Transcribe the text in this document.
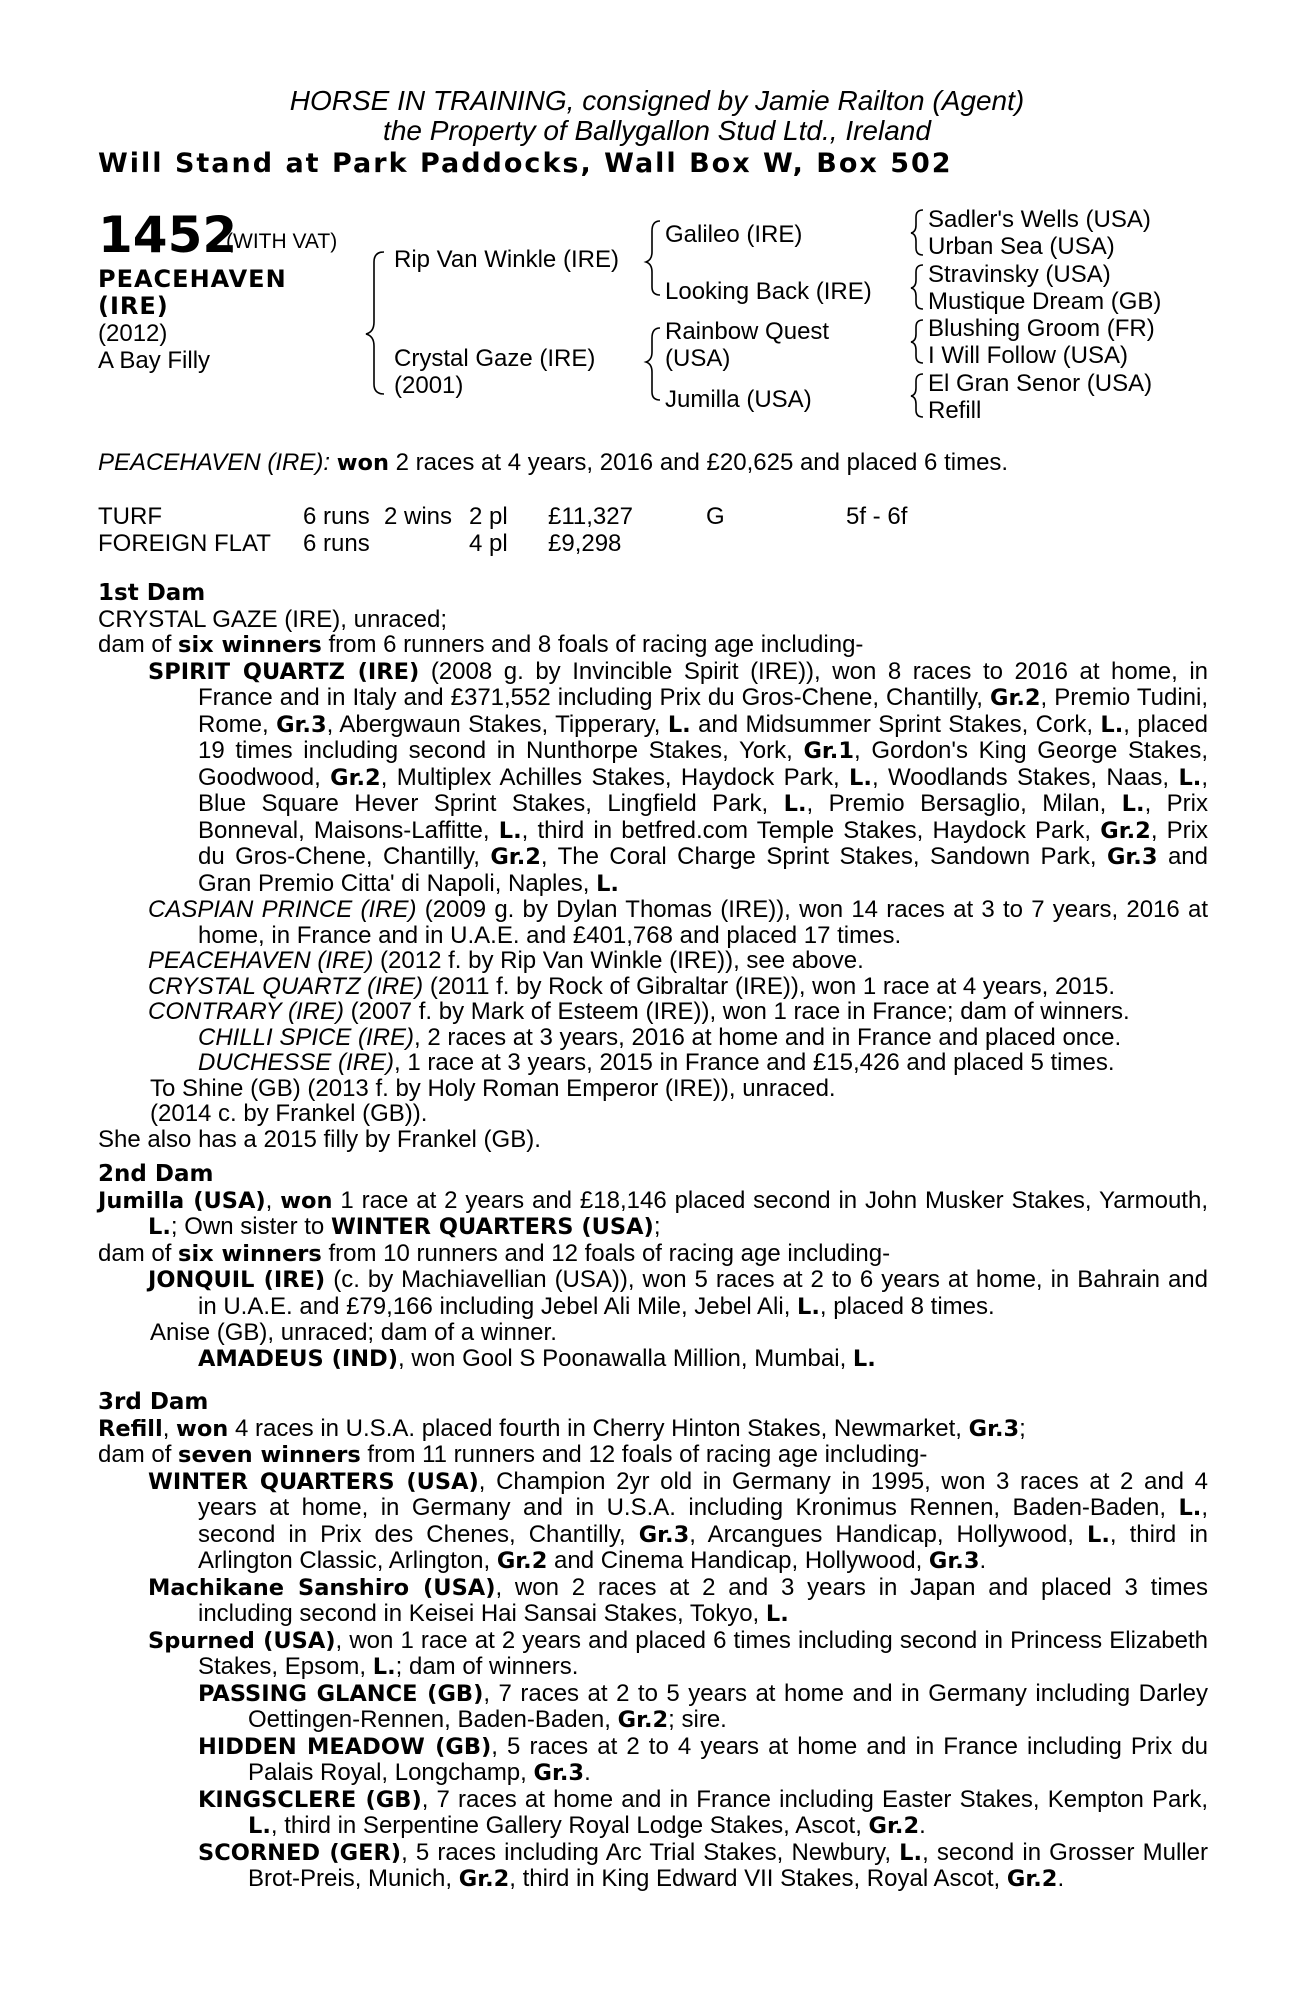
HORSE IN TRAINING, consigned by Jamie Railton (Agent)
the Property of Ballygallon Stud Ltd., Ireland
Will Stand at Park Paddocks, Wall Box W, Box 502
1452
(WITH VAT)
PEACEHAVEN
(IRE)
(2012)
A Bay Filly
Rip Van Winkle (IRE)
Crystal Gaze (IRE)
(2001)
Galileo (IRE)
Looking Back (IRE)
Rainbow Quest
(USA)
Jumilla (USA)
Sadler's Wells (USA)
Urban Sea (USA)
Stravinsky (USA)
Mustique Dream (GB)
Blushing Groom (FR)
I Will Follow (USA)
El Gran Senor (USA)
Refill
PEACEHAVEN (IRE): won 2 races at 4 years, 2016 and £20,625 and placed 6 times.
TURF	6 runs 2 wins 2 pl £11,327	G	5f - 6f
FOREIGN FLAT 6 runs	4 pl £9,298

1st Dam

CRYSTAL GAZE (IRE), unraced;

dam of six winners from 6 runners and 8 foals of racing age including-

SPIRIT QUARTZ (IRE) (2008 g. by Invincible Spirit (IRE)), won 8 races to 2016 at home, in France and in Italy and £371,552 including Prix du Gros-Chene, Chantilly, Gr.2, Premio Tudini, Rome, Gr.3, Abergwaun Stakes, Tipperary, L. and Midsummer Sprint Stakes, Cork, L., placed 19 times including second in Nunthorpe Stakes, York, Gr.1, Gordon's King George Stakes, Goodwood, Gr.2, Multiplex Achilles Stakes, Haydock Park, L., Woodlands Stakes, Naas, L., Blue Square Hever Sprint Stakes, Lingfield Park, L., Premio Bersaglio, Milan, L., Prix Bonneval, Maisons-Laffitte, L., third in betfred.com Temple Stakes, Haydock Park, Gr.2, Prix du Gros-Chene, Chantilly, Gr.2, The Coral Charge Sprint Stakes, Sandown Park, Gr.3 and Gran Premio Citta' di Napoli, Naples, L.

CASPIAN PRINCE (IRE) (2009 g. by Dylan Thomas (IRE)), won 14 races at 3 to 7 years, 2016 at home, in France and in U.A.E. and £401,768 and placed 17 times.

PEACEHAVEN (IRE) (2012 f. by Rip Van Winkle (IRE)), see above.

CRYSTAL QUARTZ (IRE) (2011 f. by Rock of Gibraltar (IRE)), won 1 race at 4 years, 2015.

CONTRARY (IRE) (2007 f. by Mark of Esteem (IRE)), won 1 race in France; dam of winners.

CHILLI SPICE (IRE), 2 races at 3 years, 2016 at home and in France and placed once.

DUCHESSE (IRE), 1 race at 3 years, 2015 in France and £15,426 and placed 5 times.

To Shine (GB) (2013 f. by Holy Roman Emperor (IRE)), unraced.

(2014 c. by Frankel (GB)).

She also has a 2015 filly by Frankel (GB).

2nd Dam

Jumilla (USA), won 1 race at 2 years and £18,146 placed second in John Musker Stakes, Yarmouth, L.; Own sister to WINTER QUARTERS (USA);

dam of six winners from 10 runners and 12 foals of racing age including-

JONQUIL (IRE) (c. by Machiavellian (USA)), won 5 races at 2 to 6 years at home, in Bahrain and in U.A.E. and £79,166 including Jebel Ali Mile, Jebel Ali, L., placed 8 times.

Anise (GB), unraced; dam of a winner.

AMADEUS (IND), won Gool S Poonawalla Million, Mumbai, L.

3rd Dam

Refill, won 4 races in U.S.A. placed fourth in Cherry Hinton Stakes, Newmarket, Gr.3;

dam of seven winners from 11 runners and 12 foals of racing age including-

WINTER QUARTERS (USA), Champion 2yr old in Germany in 1995, won 3 races at 2 and 4 years at home, in Germany and in U.S.A. including Kronimus Rennen, Baden-Baden, L., second in Prix des Chenes, Chantilly, Gr.3, Arcangues Handicap, Hollywood, L., third in Arlington Classic, Arlington, Gr.2 and Cinema Handicap, Hollywood, Gr.3.

Machikane Sanshiro (USA), won 2 races at 2 and 3 years in Japan and placed 3 times including second in Keisei Hai Sansai Stakes, Tokyo, L.

Spurned (USA), won 1 race at 2 years and placed 6 times including second in Princess Elizabeth Stakes, Epsom, L.; dam of winners.

PASSING GLANCE (GB), 7 races at 2 to 5 years at home and in Germany including Darley Oettingen-Rennen, Baden-Baden, Gr.2; sire.

HIDDEN MEADOW (GB), 5 races at 2 to 4 years at home and in France including Prix du Palais Royal, Longchamp, Gr.3.

KINGSCLERE (GB), 7 races at home and in France including Easter Stakes, Kempton Park, L., third in Serpentine Gallery Royal Lodge Stakes, Ascot, Gr.2.

SCORNED (GER), 5 races including Arc Trial Stakes, Newbury, L., second in Grosser Muller Brot-Preis, Munich, Gr.2, third in King Edward VII Stakes, Royal Ascot, Gr.2.
